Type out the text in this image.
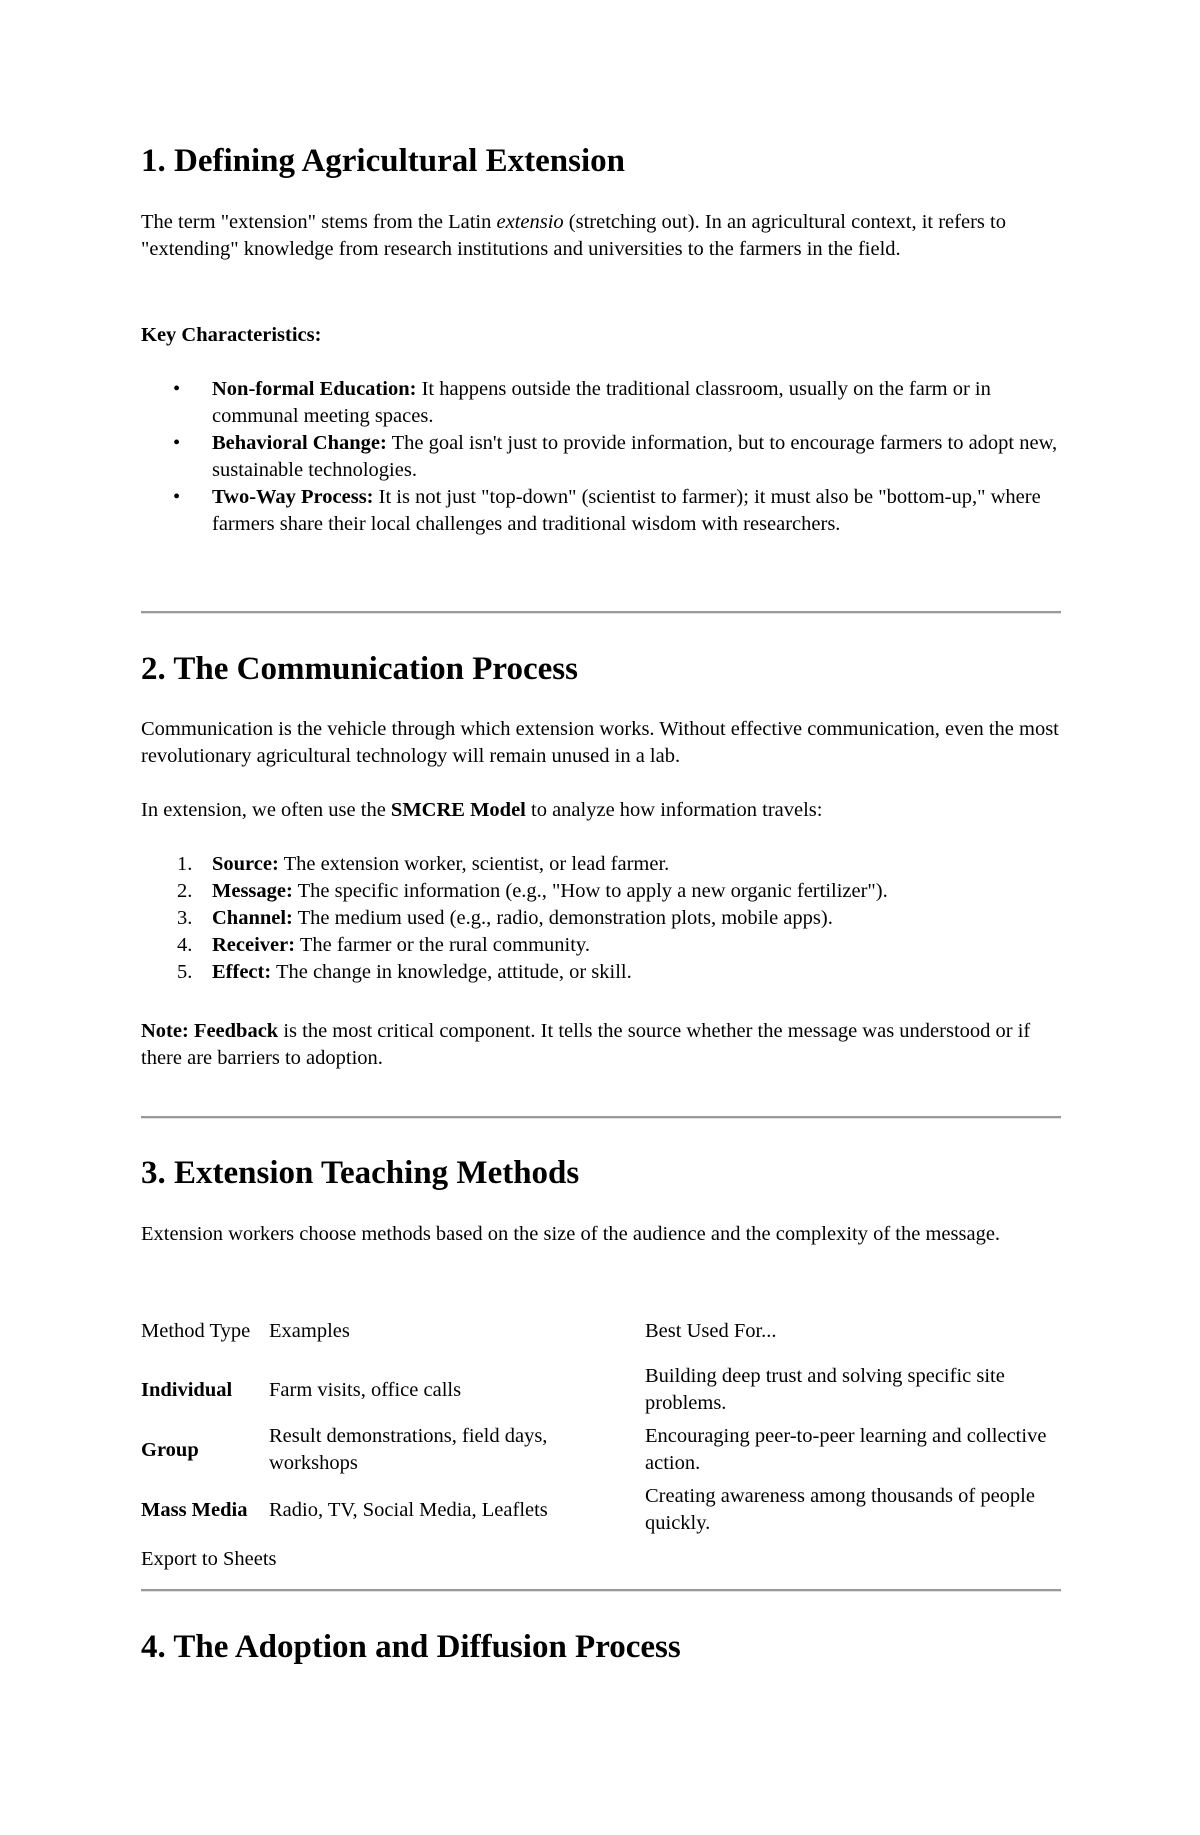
1. Defining Agricultural Extension

The term "extension" stems from the Latin extensio (stretching out). In an agricultural context, it refers to "extending" knowledge from research institutions and universities to the farmers in the field.

Key Characteristics:

• Non-formal Education: It happens outside the traditional classroom, usually on the farm or in communal meeting spaces.
• Behavioral Change: The goal isn't just to provide information, but to encourage farmers to adopt new, sustainable technologies.
• Two-Way Process: It is not just "top-down" (scientist to farmer); it must also be "bottom-up," where farmers share their local challenges and traditional wisdom with researchers.
2. The Communication Process

Communication is the vehicle through which extension works. Without effective communication, even the most revolutionary agricultural technology will remain unused in a lab.

In extension, we often use the SMCRE Model to analyze how information travels:

1. Source: The extension worker, scientist, or lead farmer.
2. Message: The specific information (e.g., "How to apply a new organic fertilizer").
3. Channel: The medium used (e.g., radio, demonstration plots, mobile apps).
4. Receiver: The farmer or the rural community.
5. Effect: The change in knowledge, attitude, or skill.

Note: Feedback is the most critical component. It tells the source whether the message was understood or if there are barriers to adoption.

3. Extension Teaching Methods

Extension workers choose methods based on the size of the audience and the complexity of the message.

Method Type	Examples	Best Used For...
Individual	Farm visits, office calls	Building deep trust and solving specific site problems.
Group	Result demonstrations, field days, workshops	Encouraging peer-to-peer learning and collective action.
Mass Media	Radio, TV, Social Media, Leaflets	Creating awareness among thousands of people quickly.
Export to Sheets
4. The Adoption and Diffusion Process
